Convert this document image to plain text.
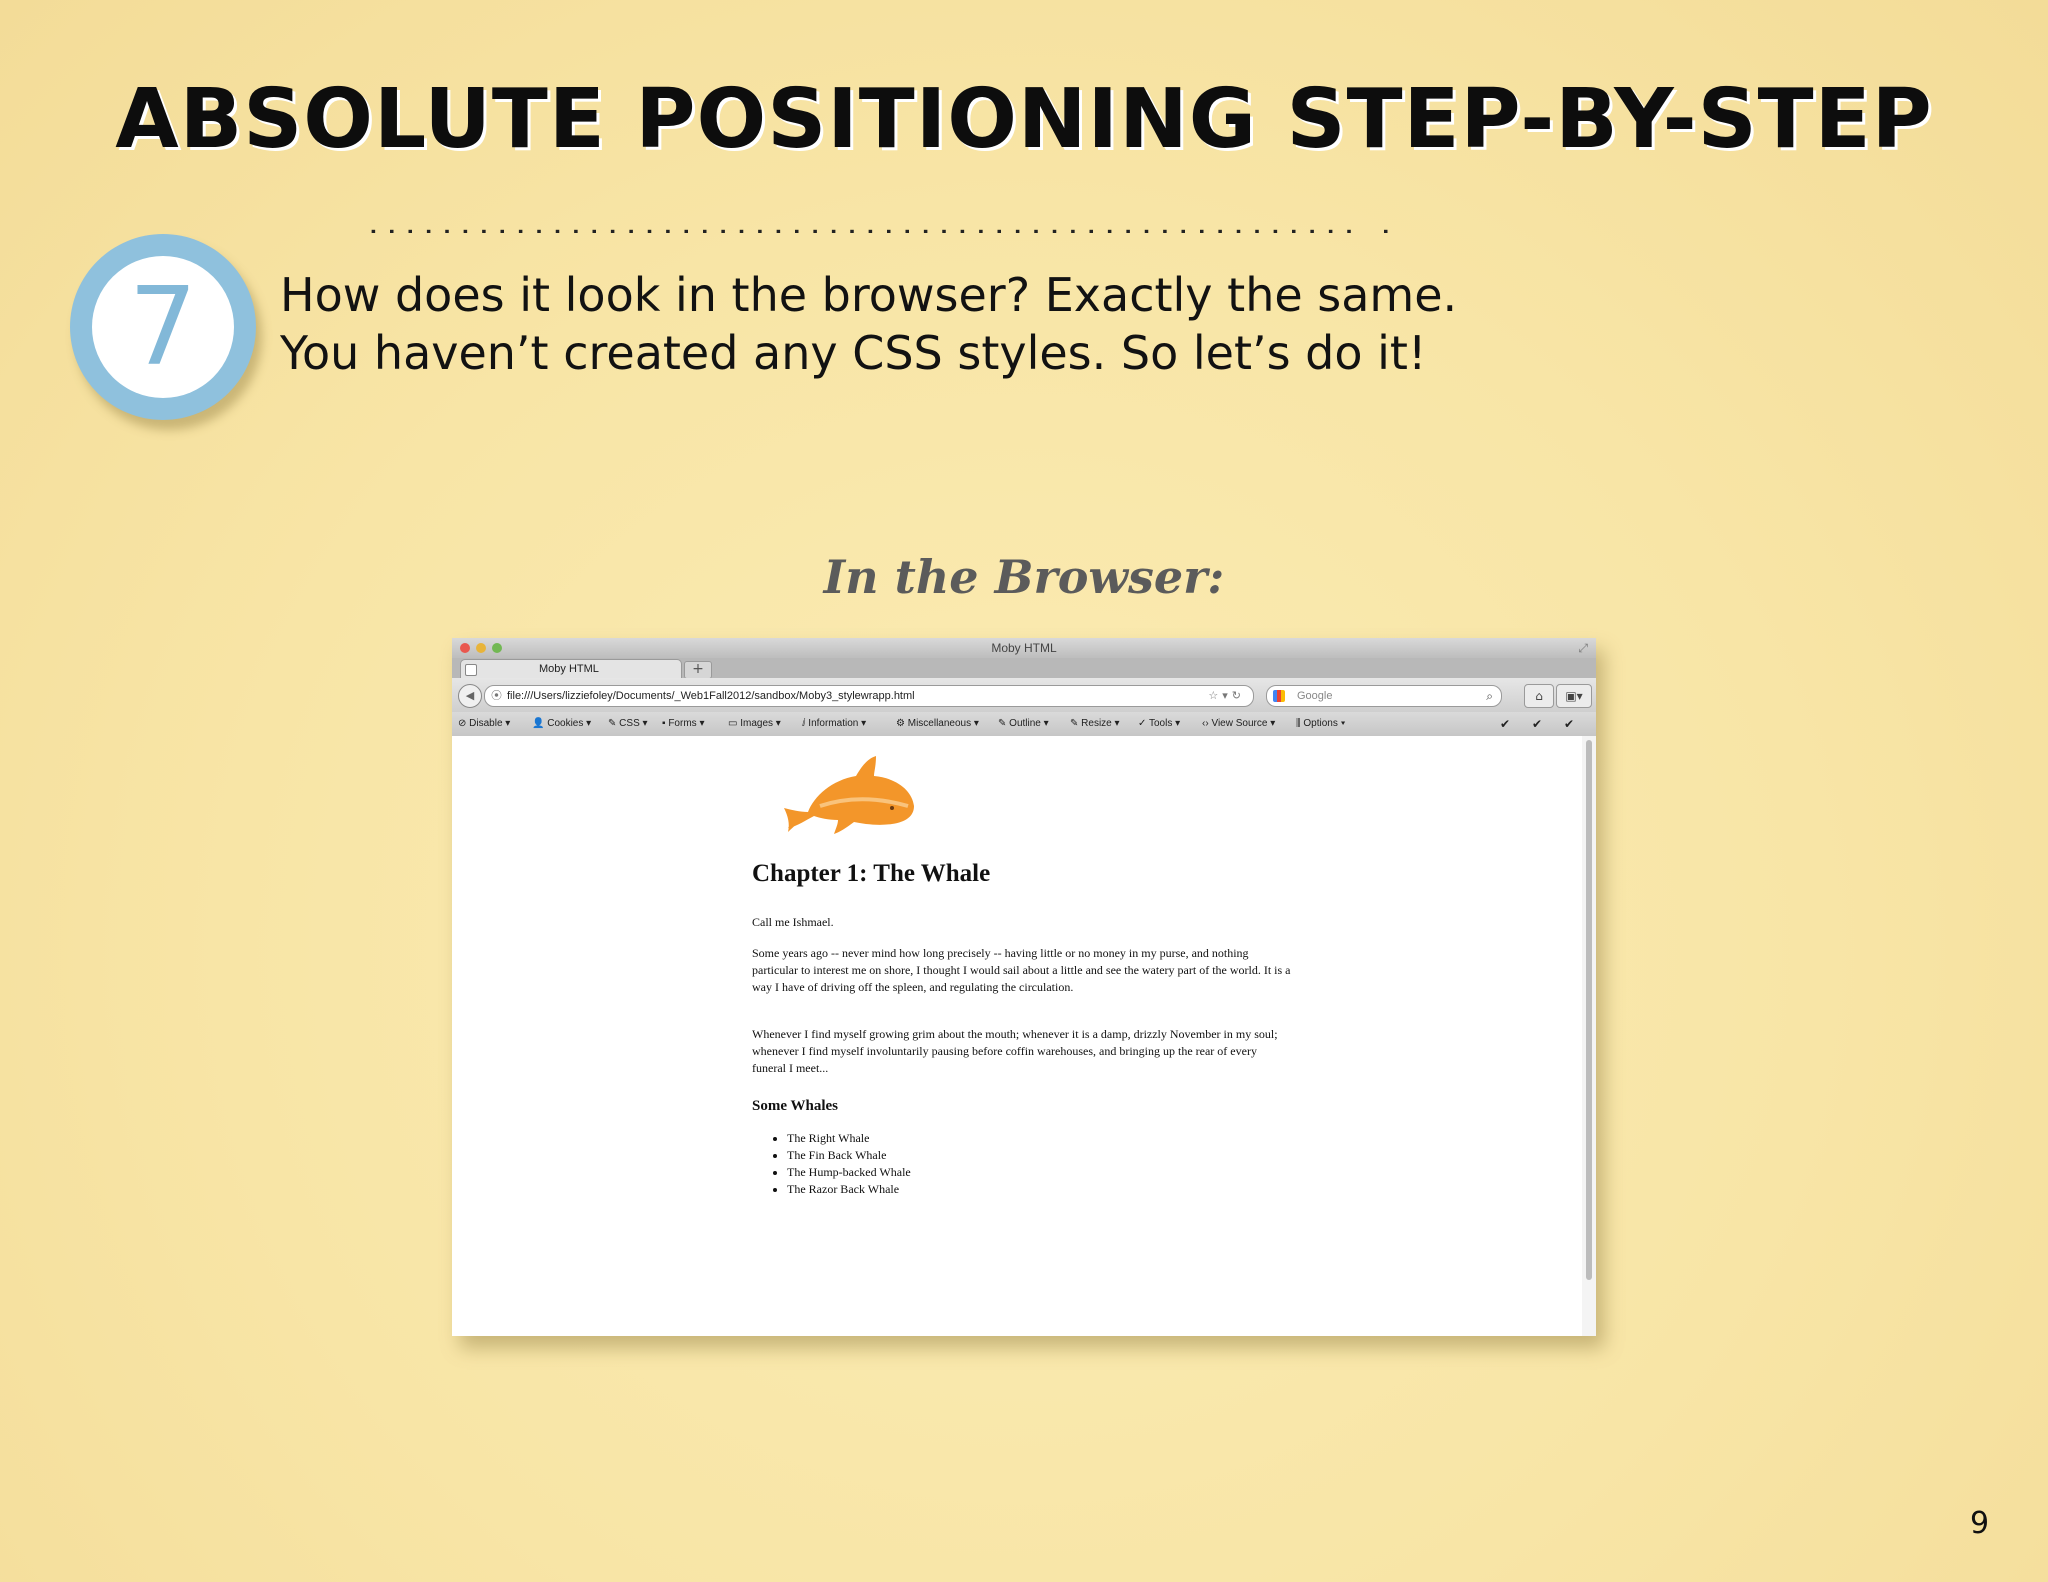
ABSOLUTE POSITIONING STEP-BY-STEP
...................................................... .
7	How does it look in the browser? Exactly the same.
You haven’t created any CSS styles. So let’s do it!
In the Browser:
Moby HTML	⤢
Moby HTML	+
◀	⦿ file:///Users/lizziefoley/Documents/_Web1Fall2012/sandbox/Moby3_stylewrapp.html	☆▾↻	Google	⌕	⌂	▣▾
⊘ Disable ▾ 👤 Cookies ▾ ✎ CSS ▾ ▪ Forms ▾ ▭ Images ▾ ⅈ Information ▾	⚙ Miscellaneous ▾ ✎ Outline ▾ ✎ Resize ▾ ✓ Tools ▾ ‹› View Source ▾ ⫼ Options ▾	✔ ✔ ✔
Chapter 1: The Whale

Call me Ishmael.

Some years ago -- never mind how long precisely -- having little or no money in my purse, and nothing particular to interest me on shore, I thought I would sail about a little and see the watery part of the world. It is a way I have of driving off the spleen, and regulating the circulation.

Whenever I find myself growing grim about the mouth; whenever it is a damp, drizzly November in my soul; whenever I find myself involuntarily pausing before coffin warehouses, and bringing up the rear of every funeral I meet...

Some Whales
• The Right Whale
• The Fin Back Whale
• The Hump-backed Whale
• The Razor Back Whale
9
